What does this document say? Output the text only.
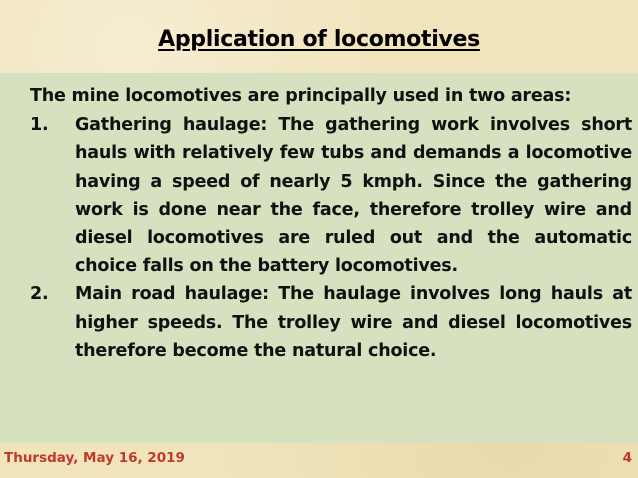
Application of locomotives

The mine locomotives are principally used in two areas:

1.	Gathering haulage: The gathering work involves short hauls with relatively few tubs and demands a locomotive having a speed of nearly 5 kmph. Since the gathering work is done near the face, therefore trolley wire and diesel locomotives are ruled out and the automatic choice falls on the battery locomotives.
2.	Main road haulage: The haulage involves long hauls at higher speeds. The trolley wire and diesel locomotives therefore become the natural choice.
Thursday, May 16, 2019	4
